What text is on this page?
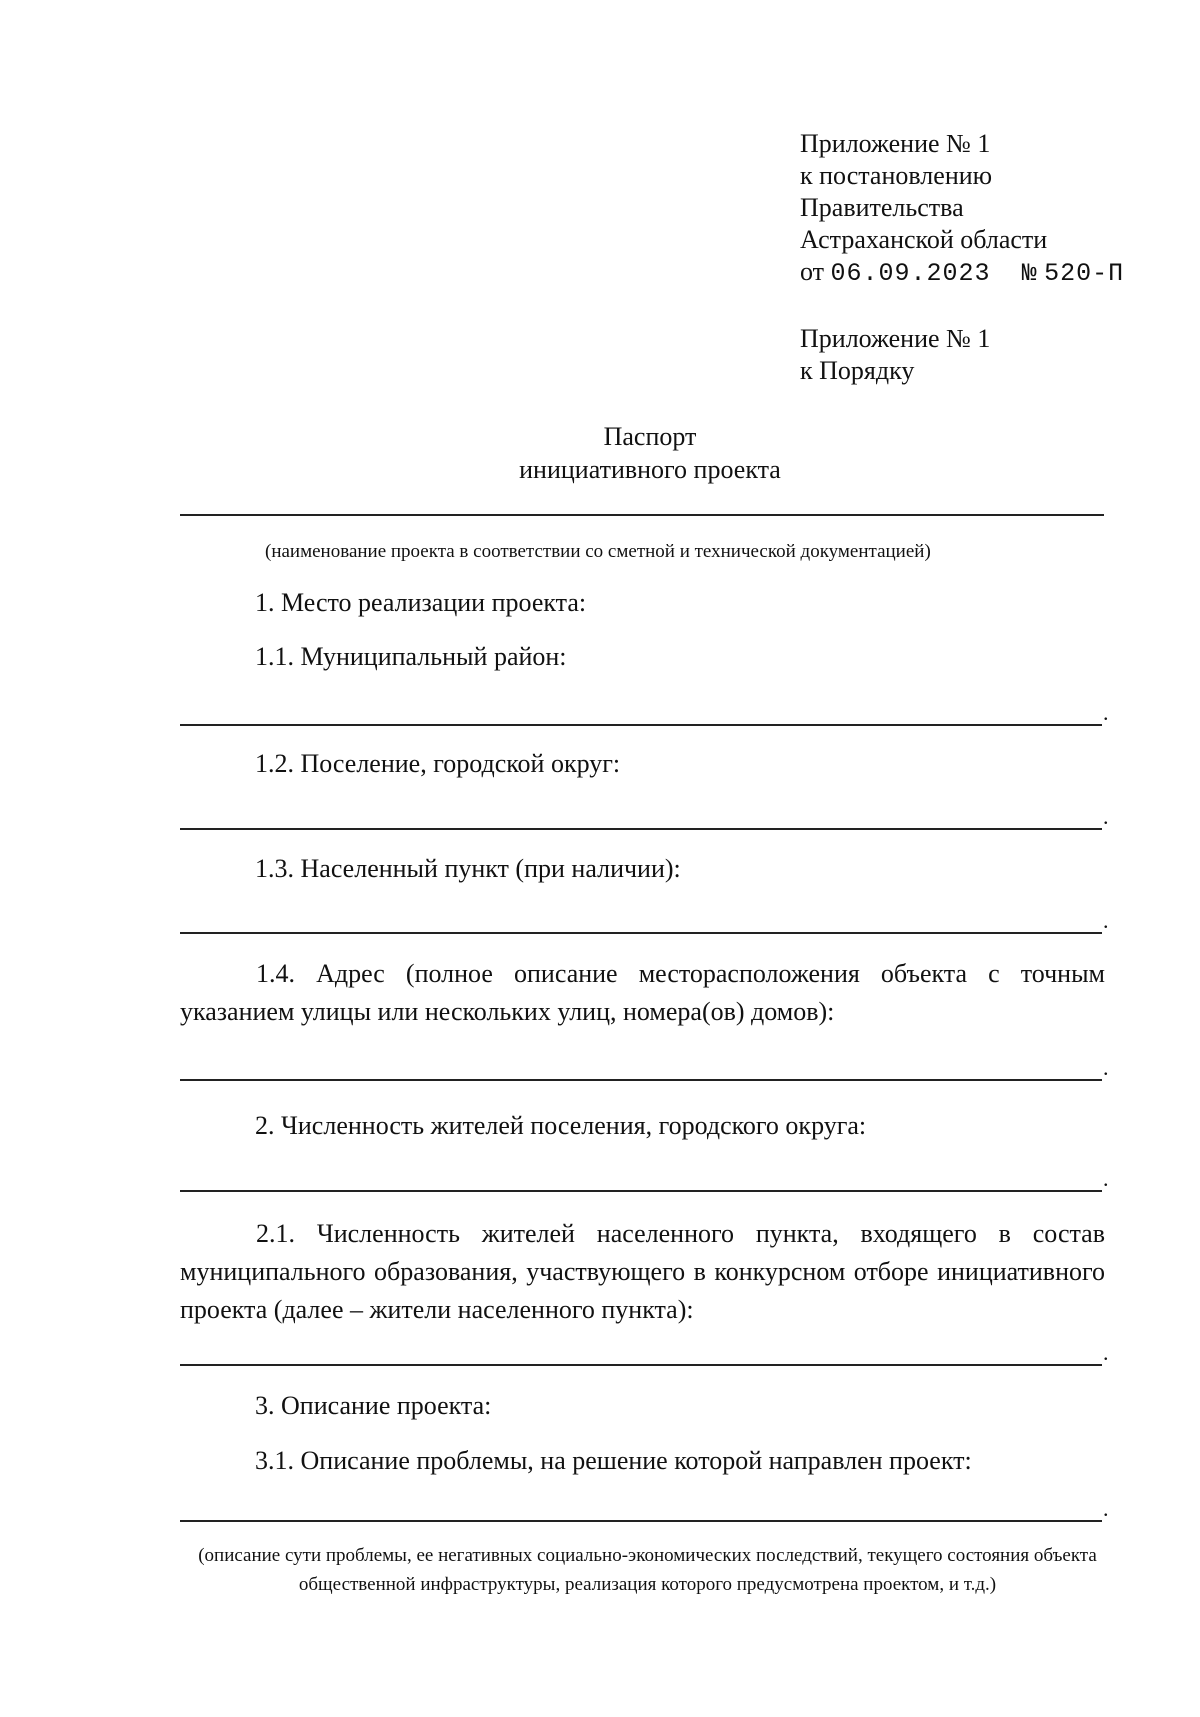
Приложение № 1
к постановлению
Правительства
Астраханской области
от 06.09.2023 № 520-П
Приложение № 1
к Порядку
Паспорт
инициативного проекта
(наименование проекта в соответствии со сметной и технической документацией)
1. Место реализации проекта:
1.1. Муниципальный район:
.
1.2. Поселение, городской округ:
.
1.3. Населенный пункт (при наличии):
.
1.4. Адрес (полное описание месторасположения объекта с точным указанием улицы или нескольких улиц, номера(ов) домов):
.
2. Численность жителей поселения, городского округа:
.
2.1. Численность жителей населенного пункта, входящего в состав муниципального образования, участвующего в конкурсном отборе инициативного проекта (далее – жители населенного пункта):
.
3. Описание проекта:
3.1. Описание проблемы, на решение которой направлен проект:
.
(описание сути проблемы, ее негативных социально-экономических последствий, текущего состояния объекта общественной инфраструктуры, реализация которого предусмотрена проектом, и т.д.)
